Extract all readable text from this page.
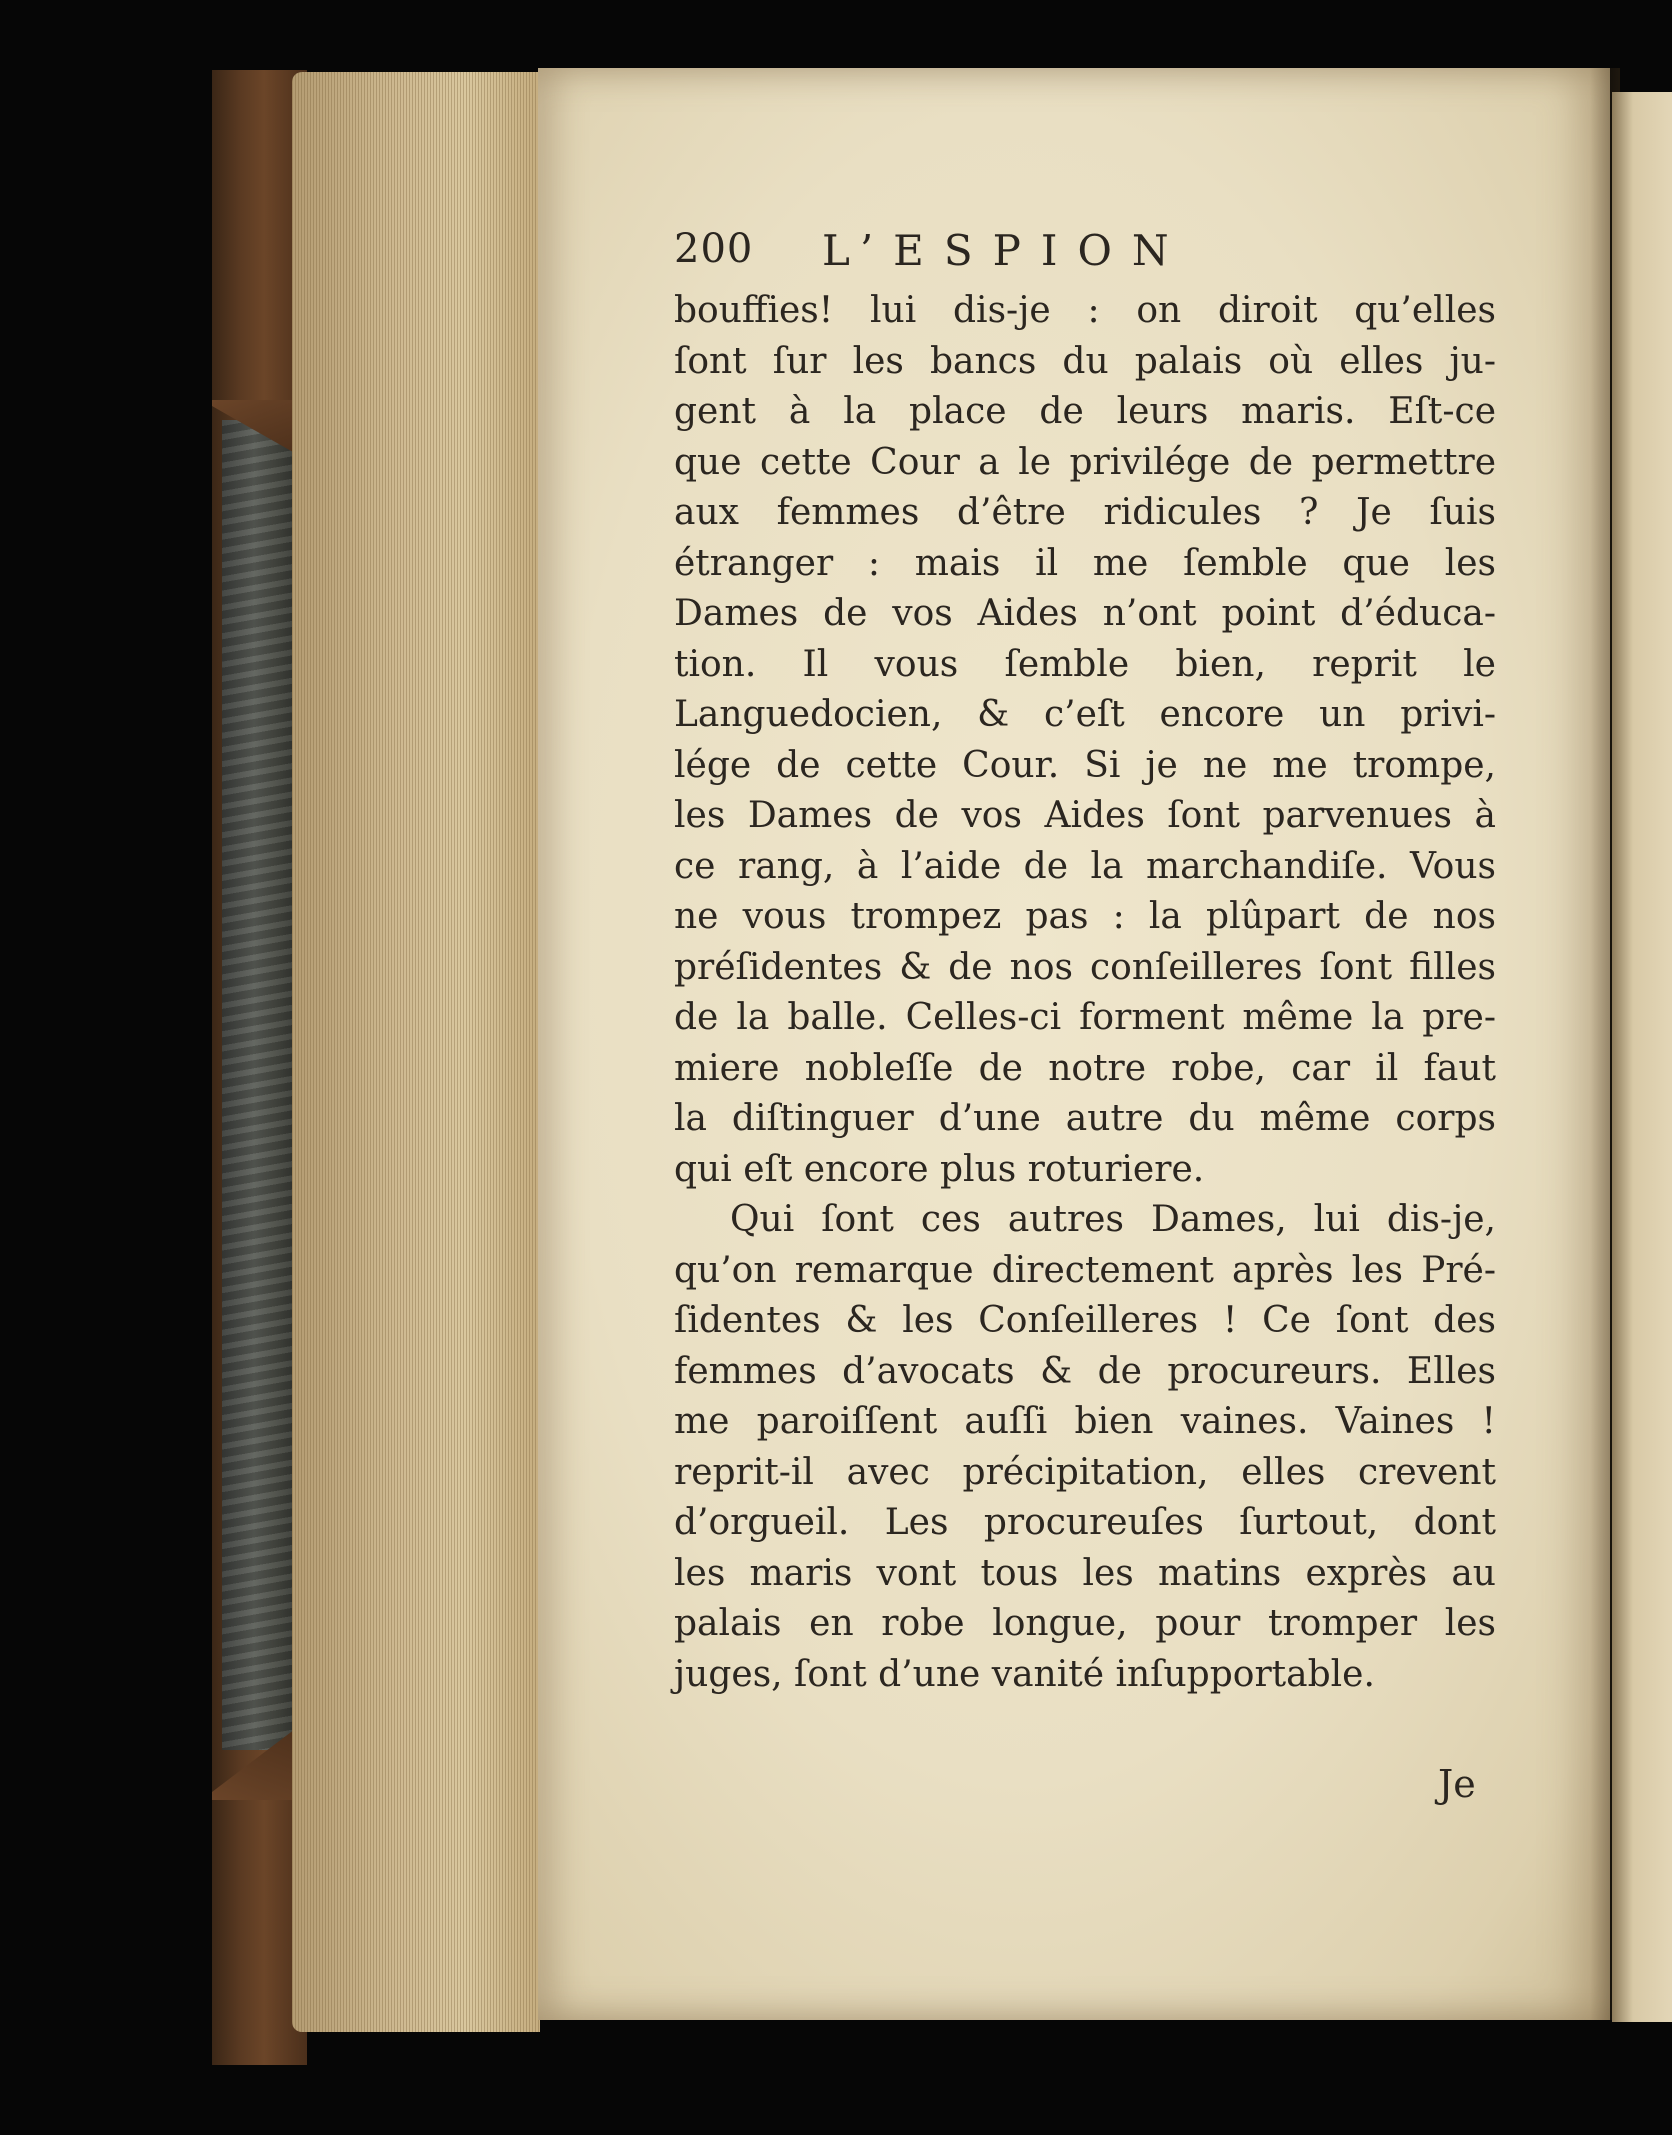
200 L’ESPION
bouffies! lui dis-je : on diroit qu’elles
ſont ſur les bancs du palais où elles ju-
gent à la place de leurs maris. Eſt-ce
que cette Cour a le privilége de permettre
aux femmes d’être ridicules ? Je ſuis
étranger : mais il me ſemble que les
Dames de vos Aides n’ont point d’éduca-
tion. Il vous ſemble bien, reprit le
Languedocien, & c’eſt encore un privi-
lége de cette Cour. Si je ne me trompe,
les Dames de vos Aides ſont parvenues à
ce rang, à l’aide de la marchandiſe. Vous
ne vous trompez pas : la plûpart de nos
préſidentes & de nos conſeilleres ſont filles
de la balle. Celles-ci forment même la pre-
miere nobleſſe de notre robe, car il faut
la diſtinguer d’une autre du même corps
qui eſt encore plus roturiere.
Qui ſont ces autres Dames, lui dis-je,
qu’on remarque directement après les Pré-
ſidentes & les Conſeilleres ! Ce ſont des
femmes d’avocats & de procureurs. Elles
me paroiſſent auſſi bien vaines. Vaines !
reprit-il avec précipitation, elles crevent
d’orgueil. Les procureuſes ſurtout, dont
les maris vont tous les matins exprès au
palais en robe longue, pour tromper les
juges, ſont d’une vanité inſupportable.
Je
